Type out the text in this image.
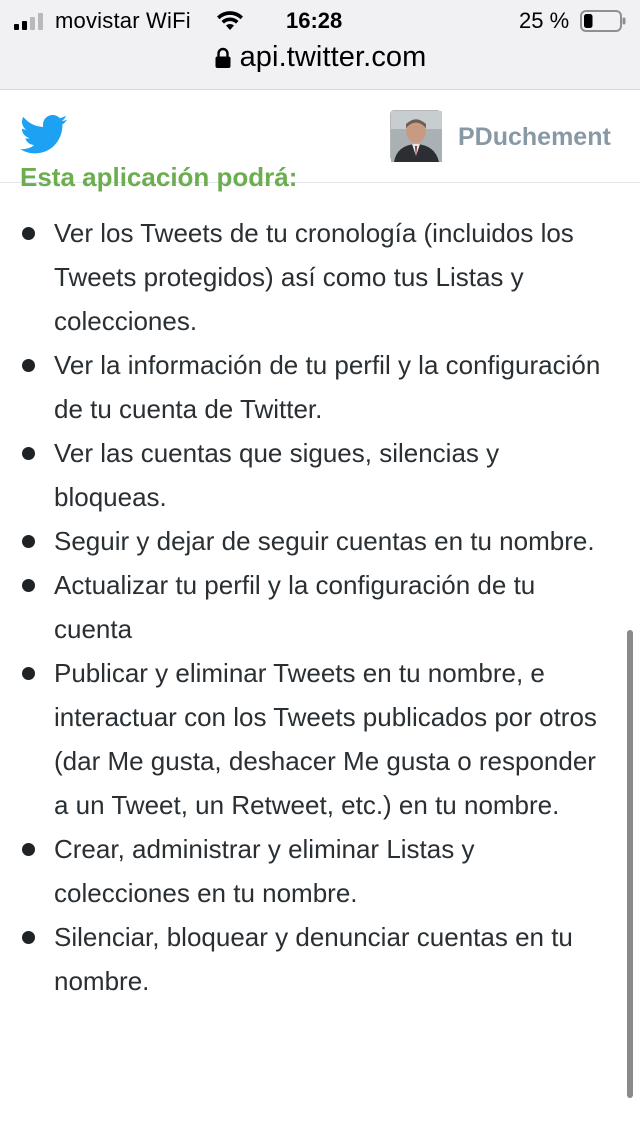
movistar WiFi	16:28	25 %
api.twitter.com
PDuchement
Esta aplicación podrá:
Ver los Tweets de tu cronología (incluidos los Tweets protegidos) así como tus Listas y colecciones.
Ver la información de tu perfil y la configuración de tu cuenta de Twitter.
Ver las cuentas que sigues, silencias y bloqueas.
Seguir y dejar de seguir cuentas en tu nombre.
Actualizar tu perfil y la configuración de tu cuenta
Publicar y eliminar Tweets en tu nombre, e interactuar con los Tweets publicados por otros (dar Me gusta, deshacer Me gusta o responder a un Tweet, un Retweet, etc.) en tu nombre.
Crear, administrar y eliminar Listas y colecciones en tu nombre.
Silenciar, bloquear y denunciar cuentas en tu nombre.
